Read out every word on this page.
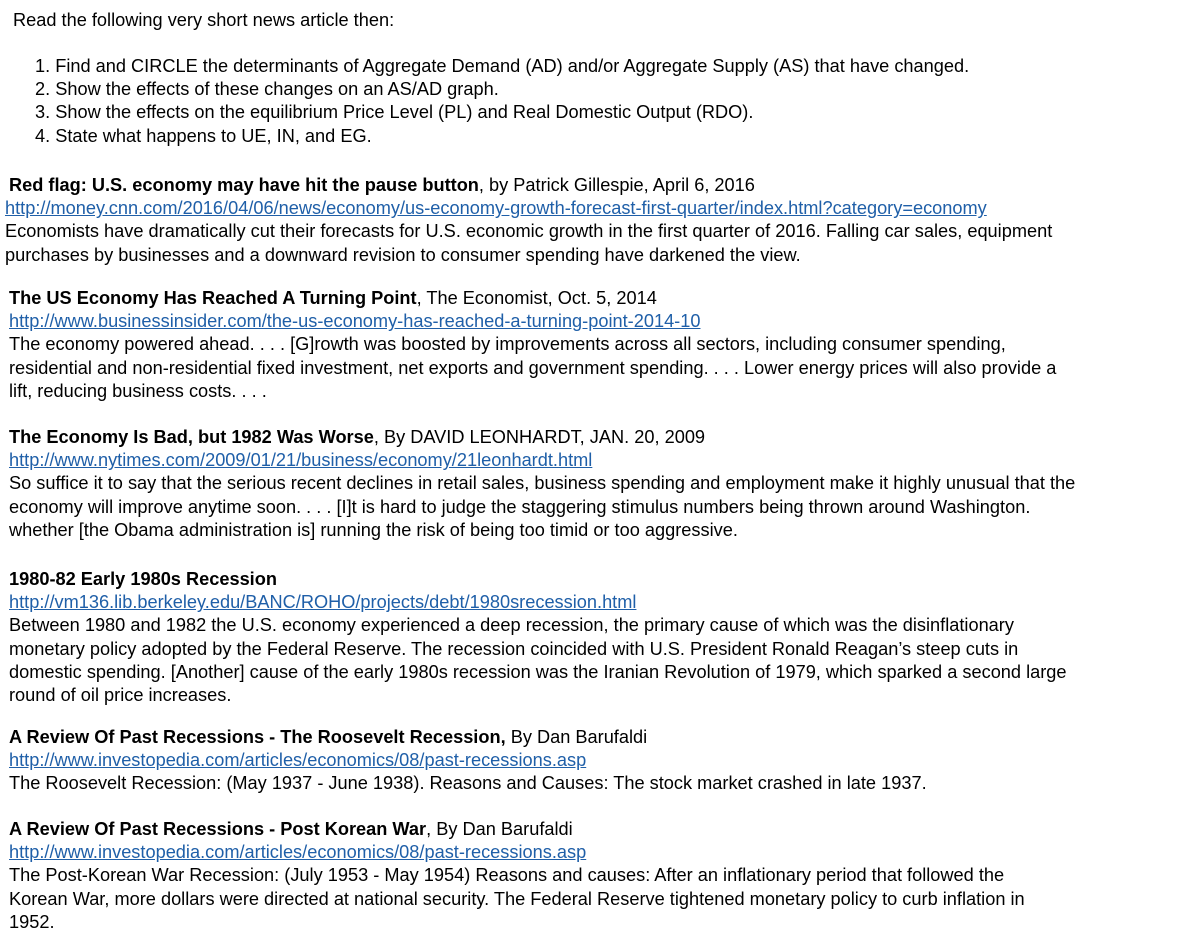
Read the following very short news article then:
1. Find and CIRCLE the determinants of Aggregate Demand (AD) and/or Aggregate Supply (AS) that have changed.
2. Show the effects of these changes on an AS/AD graph.
3. Show the effects on the equilibrium Price Level (PL) and Real Domestic Output (RDO).
4. State what happens to UE, IN, and EG.
Red flag: U.S. economy may have hit the pause button, by Patrick Gillespie, April 6, 2016
http://money.cnn.com/2016/04/06/news/economy/us-economy-growth-forecast-first-quarter/index.html?category=economy
Economists have dramatically cut their forecasts for U.S. economic growth in the first quarter of 2016. Falling car sales, equipment
purchases by businesses and a downward revision to consumer spending have darkened the view.
The US Economy Has Reached A Turning Point, The Economist, Oct. 5, 2014
http://www.businessinsider.com/the-us-economy-has-reached-a-turning-point-2014-10
The economy powered ahead. . . . [G]rowth was boosted by improvements across all sectors, including consumer spending,
residential and non-residential fixed investment, net exports and government spending. . . . Lower energy prices will also provide a
lift, reducing business costs. . . .
The Economy Is Bad, but 1982 Was Worse, By DAVID LEONHARDT, JAN. 20, 2009
http://www.nytimes.com/2009/01/21/business/economy/21leonhardt.html
So suffice it to say that the serious recent declines in retail sales, business spending and employment make it highly unusual that the
economy will improve anytime soon. . . . [I]t is hard to judge the staggering stimulus numbers being thrown around Washington.
whether [the Obama administration is] running the risk of being too timid or too aggressive.
1980-82 Early 1980s Recession
http://vm136.lib.berkeley.edu/BANC/ROHO/projects/debt/1980srecession.html
Between 1980 and 1982 the U.S. economy experienced a deep recession, the primary cause of which was the disinflationary
monetary policy adopted by the Federal Reserve. The recession coincided with U.S. President Ronald Reagan’s steep cuts in
domestic spending. [Another] cause of the early 1980s recession was the Iranian Revolution of 1979, which sparked a second large
round of oil price increases.
A Review Of Past Recessions - The Roosevelt Recession, By Dan Barufaldi
http://www.investopedia.com/articles/economics/08/past-recessions.asp
The Roosevelt Recession: (May 1937 - June 1938). Reasons and Causes: The stock market crashed in late 1937.
A Review Of Past Recessions - Post Korean War, By Dan Barufaldi
http://www.investopedia.com/articles/economics/08/past-recessions.asp
The Post-Korean War Recession: (July 1953 - May 1954) Reasons and causes: After an inflationary period that followed the
Korean War, more dollars were directed at national security. The Federal Reserve tightened monetary policy to curb inflation in
1952.
